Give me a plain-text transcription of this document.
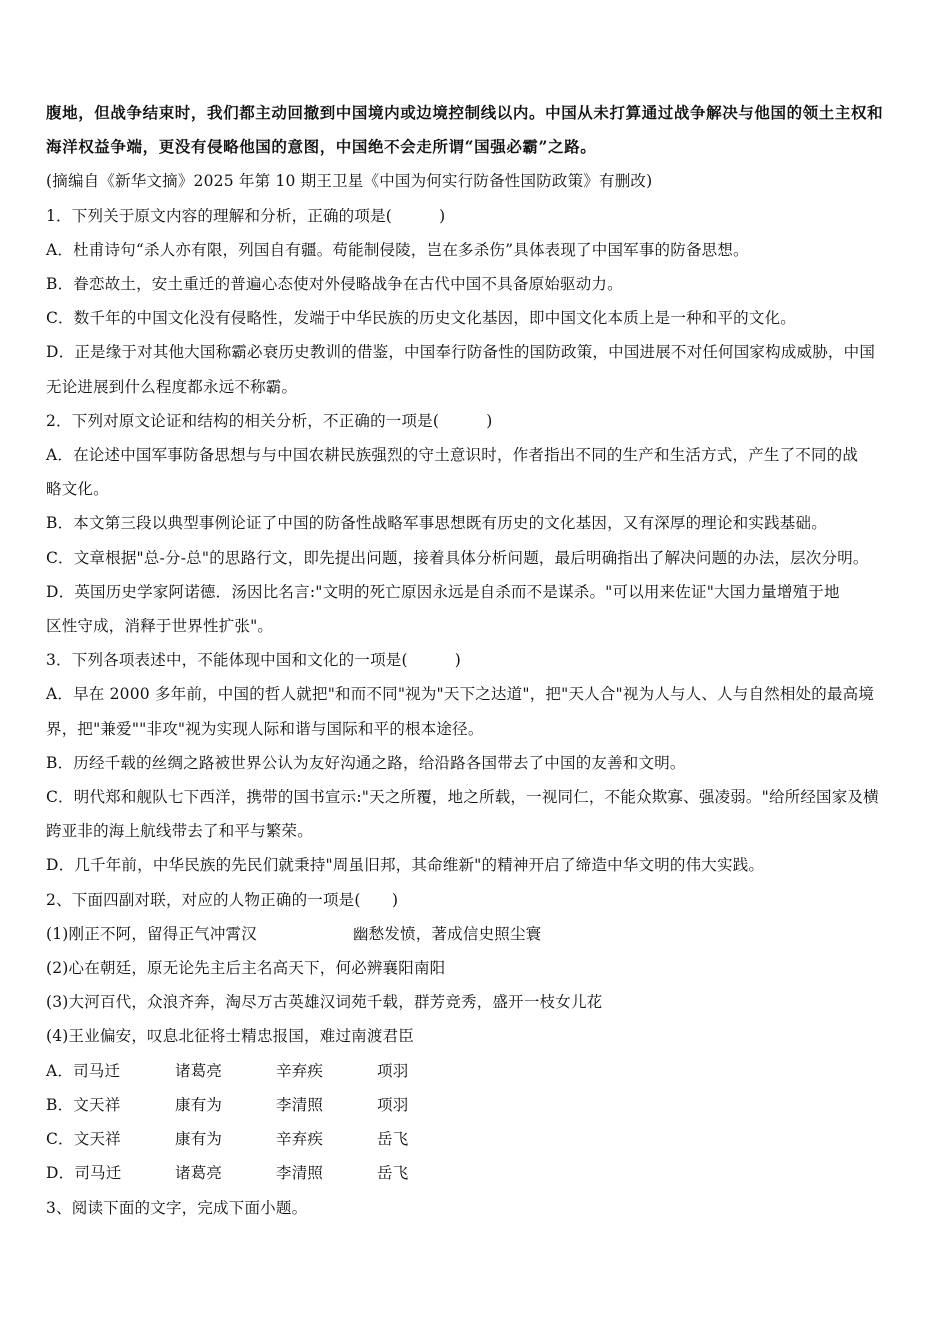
腹地，但战争结束时，我们都主动回撤到中国境内或边境控制线以内。中国从未打算通过战争解决与他国的领土主权和
海洋权益争端，更没有侵略他国的意图，中国绝不会走所谓“国强必霸”之路。
(摘编自《新华文摘》2025 年第 10 期王卫星《中国为何实行防备性国防政策》有删改)
1．下列关于原文内容的理解和分析，正确的项是(　　　)
A．杜甫诗句“杀人亦有限，列国自有疆。苟能制侵陵，岂在多杀伤”具体表现了中国军事的防备思想。
B．眷恋故土，安土重迁的普遍心态使对外侵略战争在古代中国不具备原始驱动力。
C．数千年的中国文化没有侵略性，发端于中华民族的历史文化基因，即中国文化本质上是一种和平的文化。
D．正是缘于对其他大国称霸必衰历史教训的借鉴，中国奉行防备性的国防政策，中国进展不对任何国家构成威胁，中国
无论进展到什么程度都永远不称霸。
2．下列对原文论证和结构的相关分析，不正确的一项是(　　　)
A．在论述中国军事防备思想与与中国农耕民族强烈的守土意识时，作者指出不同的生产和生活方式，产生了不同的战
略文化。
B．本文第三段以典型事例论证了中国的防备性战略军事思想既有历史的文化基因，又有深厚的理论和实践基础。
C．文章根据"总-分-总"的思路行文，即先提出问题，接着具体分析问题，最后明确指出了解决问题的办法，层次分明。
D．英国历史学家阿诺德．汤因比名言:"文明的死亡原因永远是自杀而不是谋杀。"可以用来佐证"大国力量增殖于地
区性守成，消释于世界性扩张"。
3．下列各项表述中，不能体现中国和文化的一项是(　　　)
A．早在 2000 多年前，中国的哲人就把"和而不同"视为"天下之达道"，把"天人合"视为人与人、人与自然相处的最高境
界，把"兼爱""非攻"视为实现人际和谐与国际和平的根本途径。
B．历经千载的丝绸之路被世界公认为友好沟通之路，给沿路各国带去了中国的友善和文明。
C．明代郑和舰队七下西洋，携带的国书宣示:"天之所覆，地之所载，一视同仁，不能众欺寡、强凌弱。"给所经国家及横
跨亚非的海上航线带去了和平与繁荣。
D．几千年前，中华民族的先民们就秉持"周虽旧邦，其命维新"的精神开启了缔造中华文明的伟大实践。
2、下面四副对联，对应的人物正确的一项是(　　)
(1)刚正不阿，留得正气冲霄汉	幽愁发愤，著成信史照尘寰
(2)心在朝廷，原无论先主后主名高天下，何必辨襄阳南阳
(3)大河百代，众浪齐奔，淘尽万古英雄汉词苑千载，群芳竞秀，盛开一枝女儿花
(4)王业偏安，叹息北征将士精忠报国，难过南渡君臣
A．司马迁	诸葛亮	辛弃疾	项羽
B．文天祥	康有为	李清照	项羽
C．文天祥	康有为	辛弃疾	岳飞
D．司马迁	诸葛亮	李清照	岳飞
3、阅读下面的文字，完成下面小题。
